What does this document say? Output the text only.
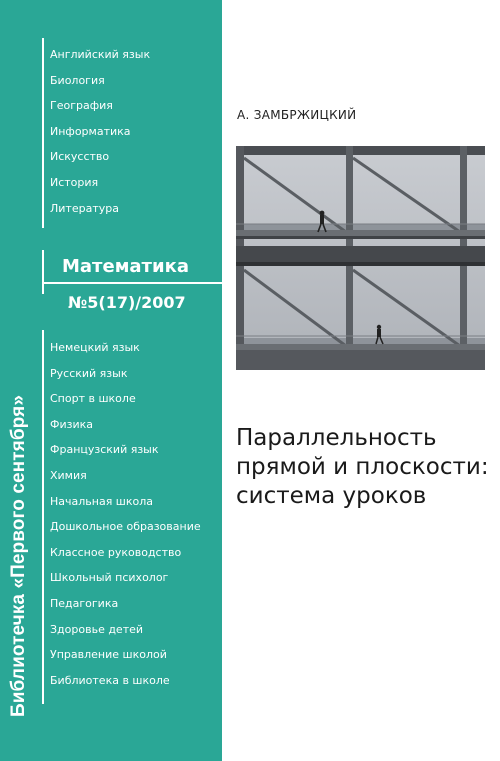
Библиотечка «Первого сентября»
Английский язык
Биология
География
Информатика
Искусство
История
Литература
Математика
№5(17)/2007
Немецкий язык
Русский язык
Спорт в школе
Физика
Французский язык
Химия
Начальная школа
Дошкольное образование
Классное руководство
Школьный психолог
Педагогика
Здоровье детей
Управление школой
Библиотека в школе
А. ЗАМБРЖИЦКИЙ
Параллельность
прямой и плоскости:
система уроков
